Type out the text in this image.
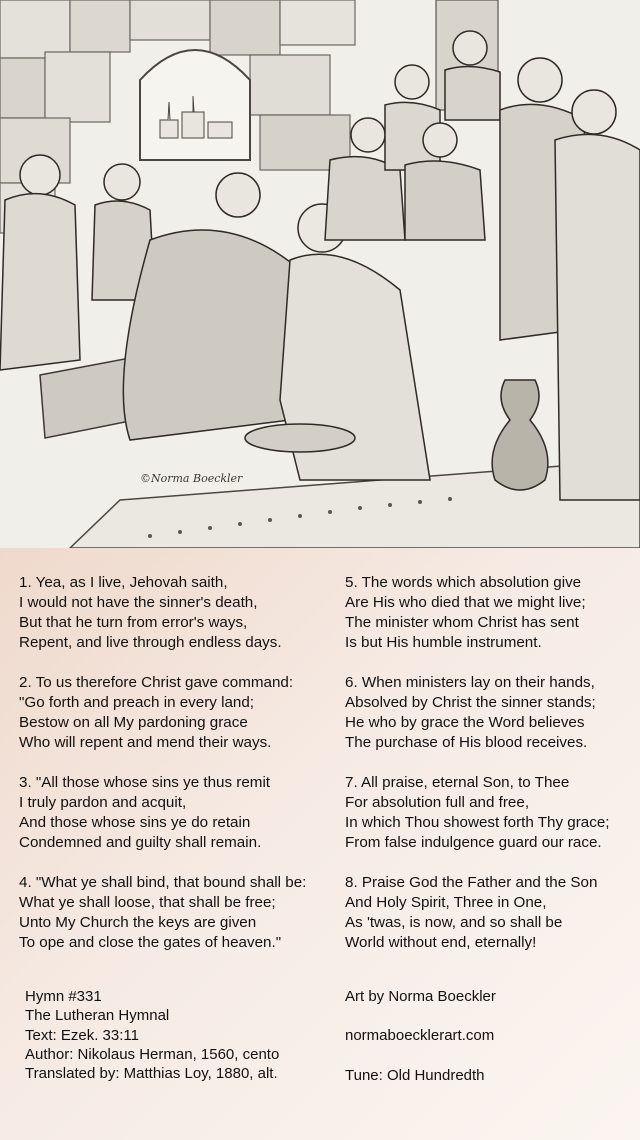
©Norma Boeckler
1. Yea, as I live, Jehovah saith,
I would not have the sinner's death,
But that he turn from error's ways,
Repent, and live through endless days.
2. To us therefore Christ gave command:
"Go forth and preach in every land;
Bestow on all My pardoning grace
Who will repent and mend their ways.
3. "All those whose sins ye thus remit
I truly pardon and acquit,
And those whose sins ye do retain
Condemned and guilty shall remain.
4. "What ye shall bind, that bound shall be:
What ye shall loose, that shall be free;
Unto My Church the keys are given
To ope and close the gates of heaven."
5. The words which absolution give
Are His who died that we might live;
The minister whom Christ has sent
Is but His humble instrument.
6. When ministers lay on their hands,
Absolved by Christ the sinner stands;
He who by grace the Word believes
The purchase of His blood receives.
7. All praise, eternal Son, to Thee
For absolution full and free,
In which Thou showest forth Thy grace;
From false indulgence guard our race.
8. Praise God the Father and the Son
And Holy Spirit, Three in One,
As 'twas, is now, and so shall be
World without end, eternally!
Hymn #331
The Lutheran Hymnal
Text: Ezek. 33:11
Author: Nikolaus Herman, 1560, cento
Translated by: Matthias Loy, 1880, alt.
Art by Norma Boeckler
normaboecklerart.com
Tune: Old Hundredth
